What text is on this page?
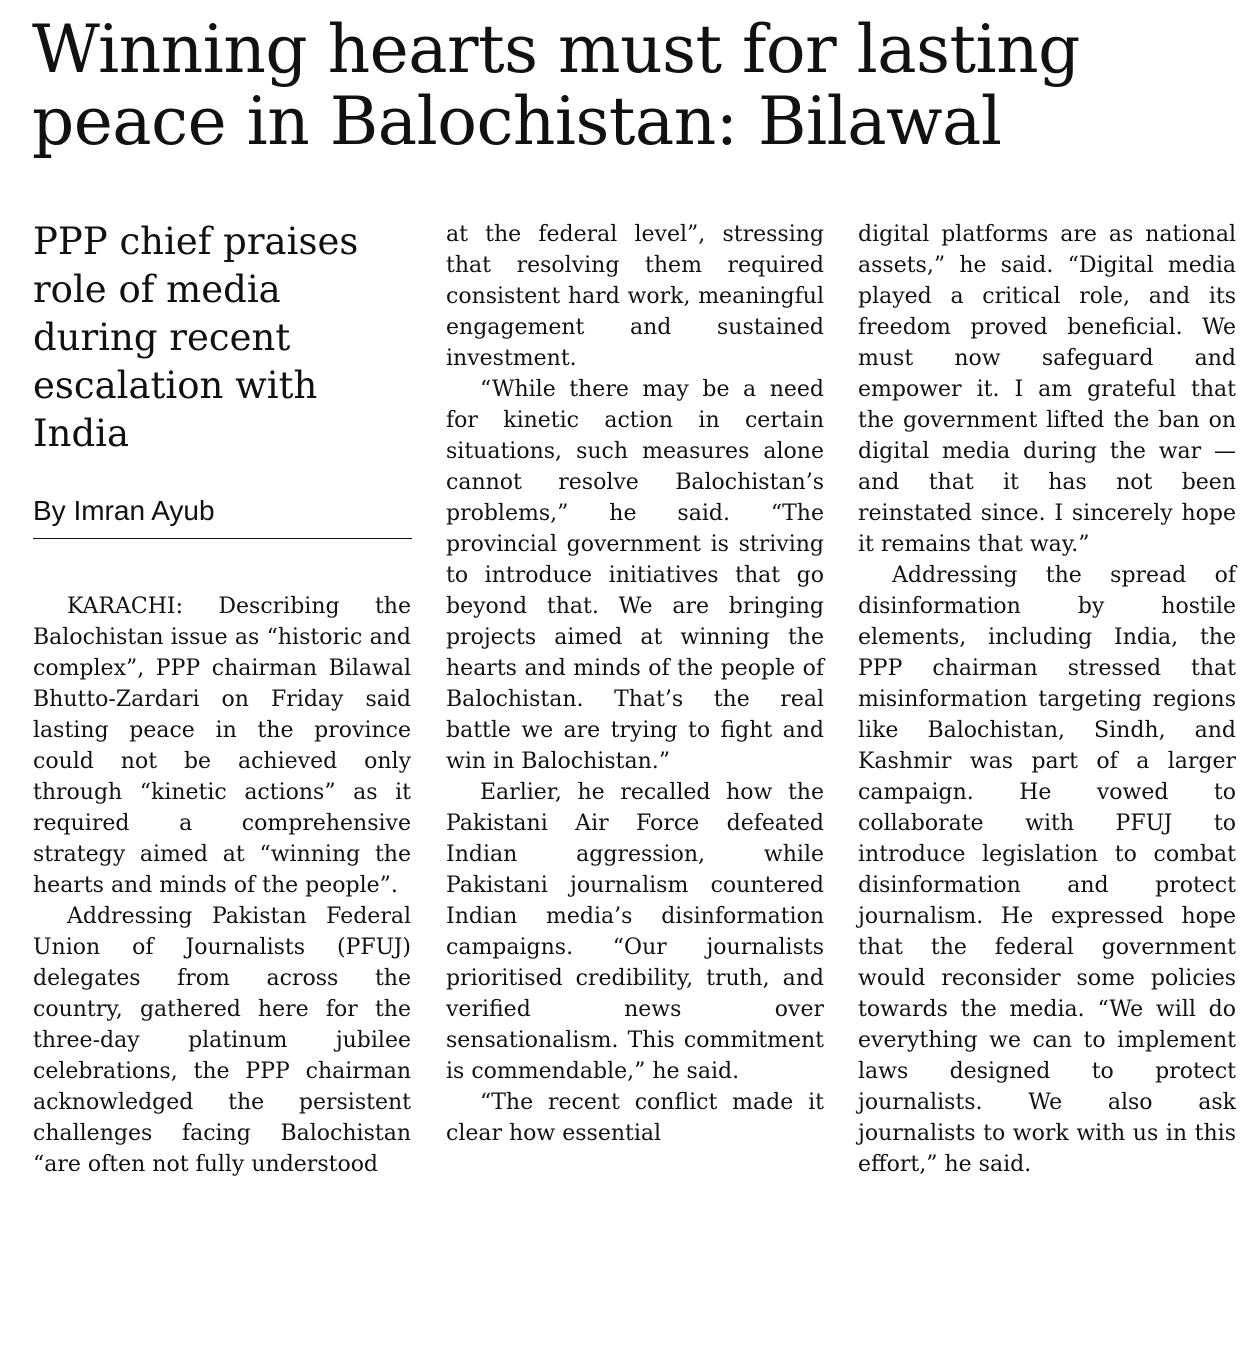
Winning hearts must for lasting peace in Balochistan: Bilawal
PPP chief praises role of media during recent escalation with India
By Imran Ayub

KARACHI: Describing the Balochistan issue as “historic and complex”, PPP chairman Bilawal Bhutto-Zardari on Friday said lasting peace in the province could not be achieved only through “kinetic actions” as it required a comprehensive strategy aimed at “winning the hearts and minds of the people”.

Addressing Pakistan Federal Union of Journalists (PFUJ) delegates from across the country, gathered here for the three-day platinum jubilee celebrations, the PPP chairman acknowledged the persistent challenges facing Balochistan “are often not fully understood

at the federal level”, stressing that resolving them required consistent hard work, meaningful engagement and sustained investment.

“While there may be a need for kinetic action in certain situations, such measures alone cannot resolve Balochistan’s problems,” he said. “The provincial government is striving to introduce initiatives that go beyond that. We are bringing projects aimed at winning the hearts and minds of the people of Balochistan. That’s the real battle we are trying to fight and win in Balochistan.”

Earlier, he recalled how the Pakistani Air Force defeated Indian aggression, while Pakistani journalism countered Indian media’s disinformation campaigns. “Our journalists prioritised credibility, truth, and verified news over sensationalism. This commitment is commendable,” he said.

“The recent conflict made it clear how essential

digital platforms are as national assets,” he said. “Digital media played a critical role, and its freedom proved beneficial. We must now safeguard and empower it. I am grateful that the government lifted the ban on digital media during the war — and that it has not been reinstated since. I sincerely hope it remains that way.”

Addressing the spread of disinformation by hostile elements, including India, the PPP chairman stressed that misinformation targeting regions like Balochistan, Sindh, and Kashmir was part of a larger campaign. He vowed to collaborate with PFUJ to introduce legislation to combat disinformation and protect journalism. He expressed hope that the federal government would reconsider some policies towards the media. “We will do everything we can to implement laws designed to protect journalists. We also ask journalists to work with us in this effort,” he said.
